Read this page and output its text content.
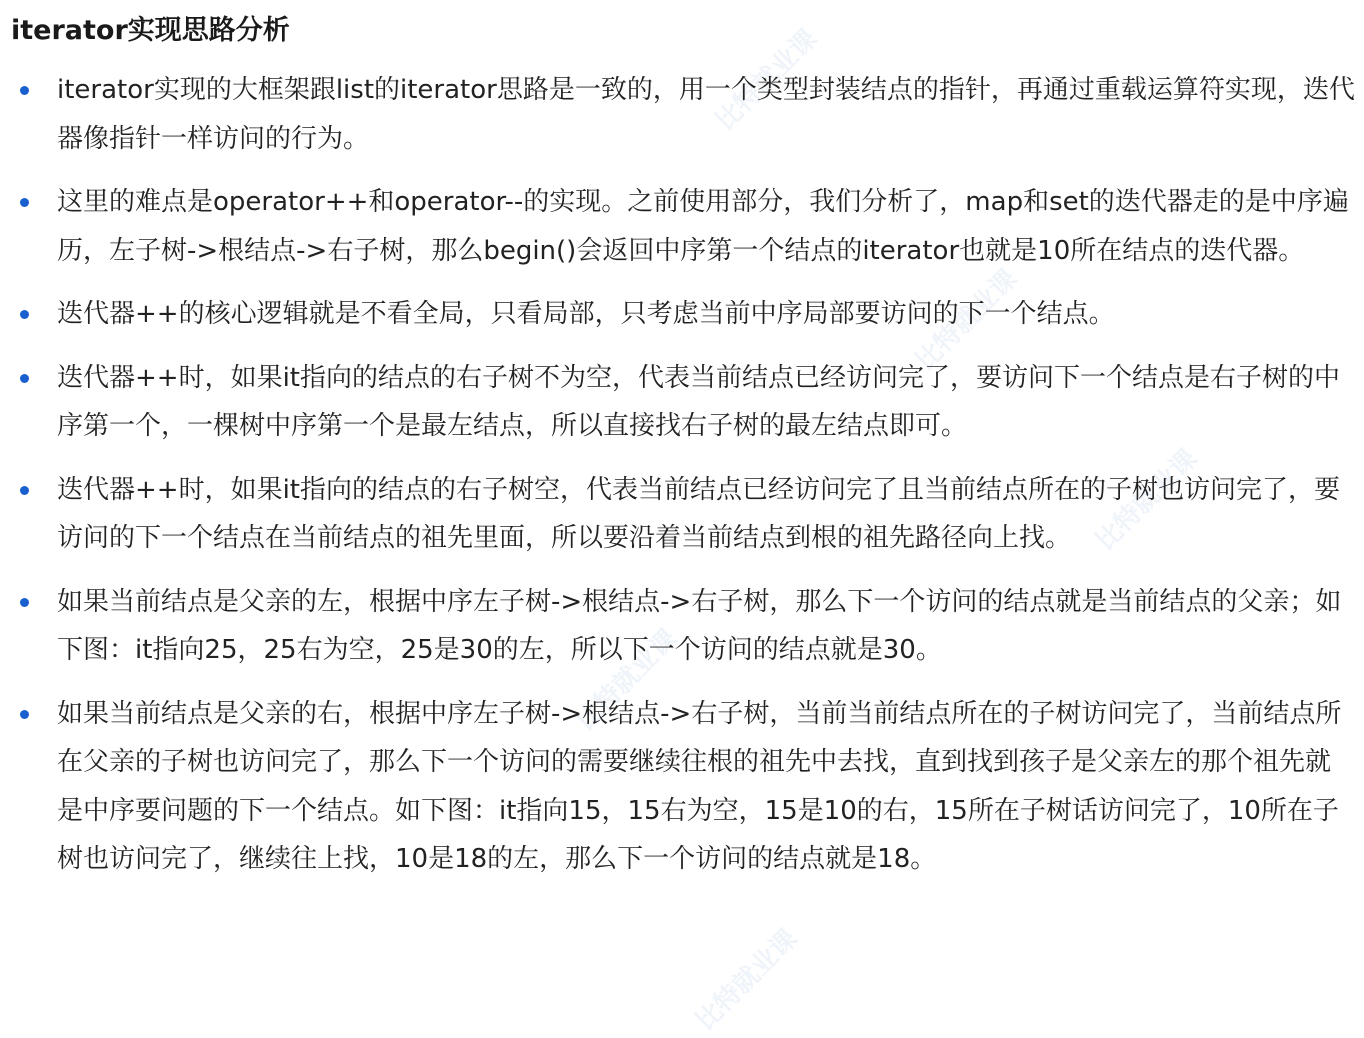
比特就业课
比特就业课
比特就业课
比特就业课
比特就业课
iterator实现思路分析
iterator实现的大框架跟list的iterator思路是一致的，用一个类型封装结点的指针，再通过重载运算符实现，迭代器像指针一样访问的行为。
这里的难点是operator++和operator--的实现。之前使用部分，我们分析了，map和set的迭代器走的是中序遍历，左子树->根结点->右子树，那么begin()会返回中序第一个结点的iterator也就是10所在结点的迭代器。
迭代器++的核心逻辑就是不看全局，只看局部，只考虑当前中序局部要访问的下一个结点。
迭代器++时，如果it指向的结点的右子树不为空，代表当前结点已经访问完了，要访问下一个结点是右子树的中序第一个，一棵树中序第一个是最左结点，所以直接找右子树的最左结点即可。
迭代器++时，如果it指向的结点的右子树空，代表当前结点已经访问完了且当前结点所在的子树也访问完了，要访问的下一个结点在当前结点的祖先里面，所以要沿着当前结点到根的祖先路径向上找。
如果当前结点是父亲的左，根据中序左子树->根结点->右子树，那么下一个访问的结点就是当前结点的父亲；如下图：it指向25，25右为空，25是30的左，所以下一个访问的结点就是30。
如果当前结点是父亲的右，根据中序左子树->根结点->右子树，当前当前结点所在的子树访问完了，当前结点所在父亲的子树也访问完了，那么下一个访问的需要继续往根的祖先中去找，直到找到孩子是父亲左的那个祖先就是中序要问题的下一个结点。如下图：it指向15，15右为空，15是10的右，15所在子树话访问完了，10所在子树也访问完了，继续往上找，10是18的左，那么下一个访问的结点就是18。
